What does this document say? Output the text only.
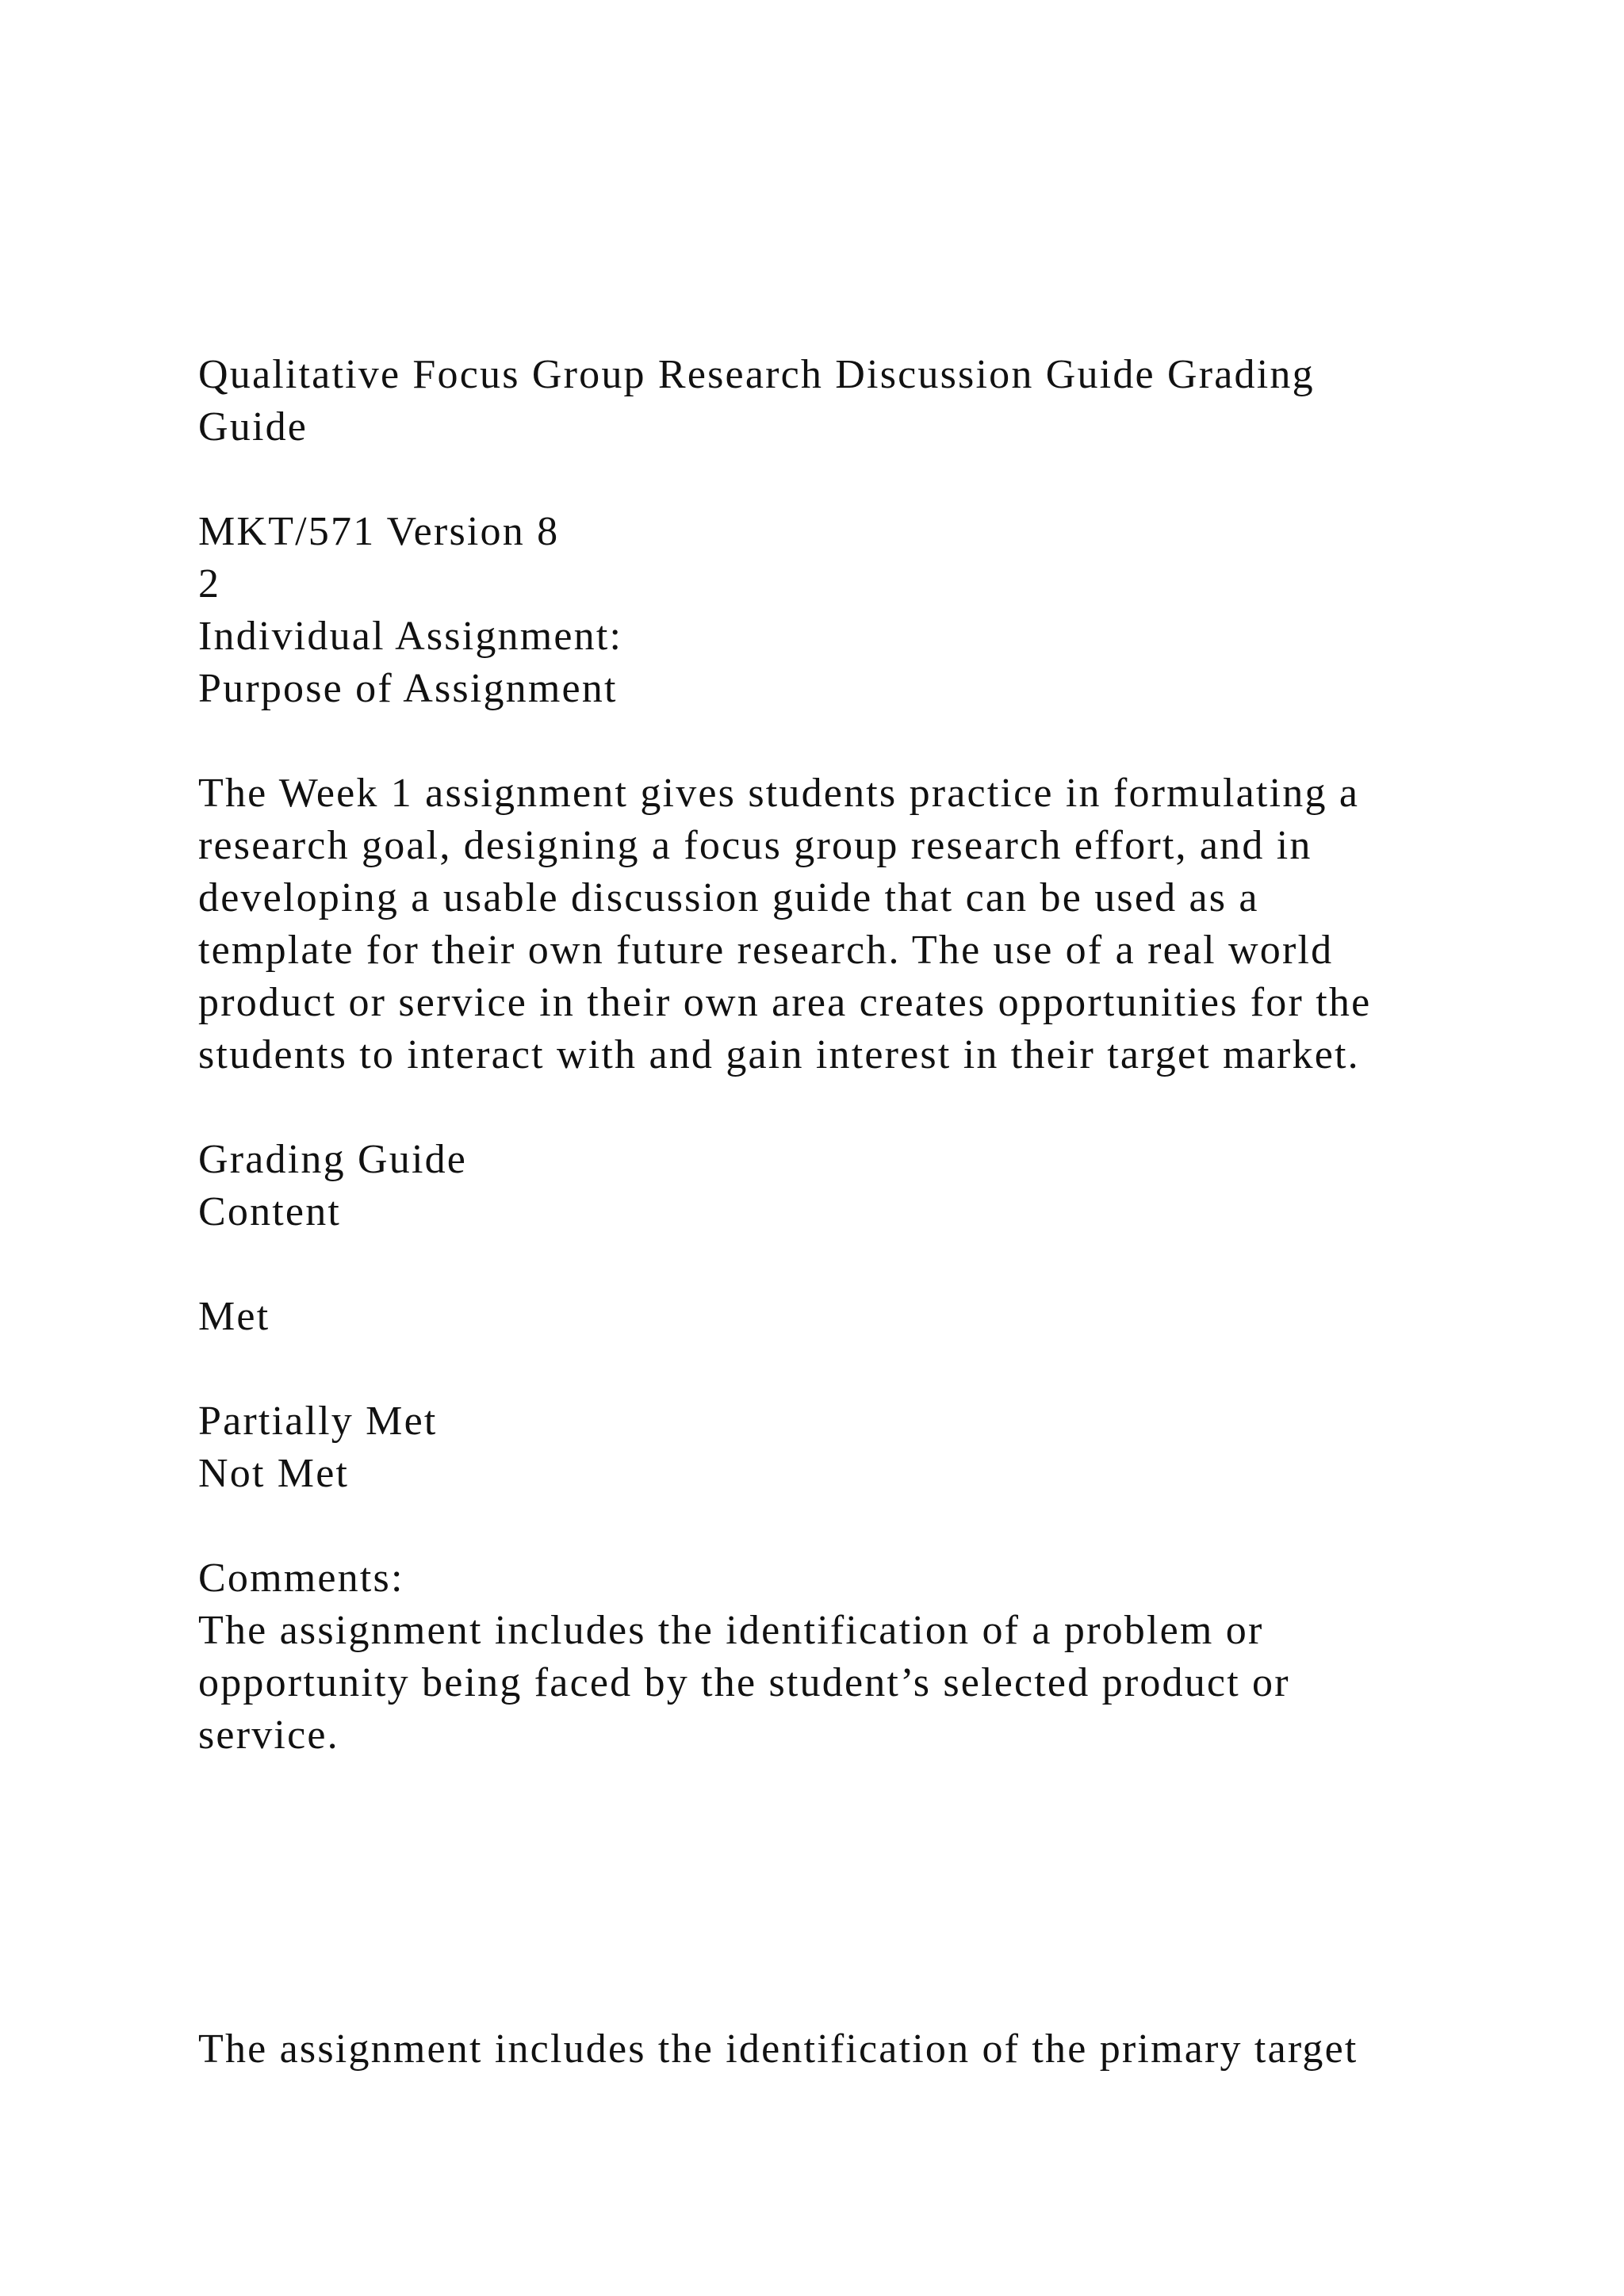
Qualitative Focus Group Research Discussion Guide Grading
Guide
MKT/571 Version 8
2
Individual Assignment:
Purpose of Assignment
The Week 1 assignment gives students practice in formulating a
research goal, designing a focus group research effort, and in
developing a usable discussion guide that can be used as a
template for their own future research. The use of a real world
product or service in their own area creates opportunities for the
students to interact with and gain interest in their target market.
Grading Guide
Content
Met
Partially Met
Not Met
Comments:
The assignment includes the identification of a problem or
opportunity being faced by the student’s selected product or
service.
The assignment includes the identification of the primary target
